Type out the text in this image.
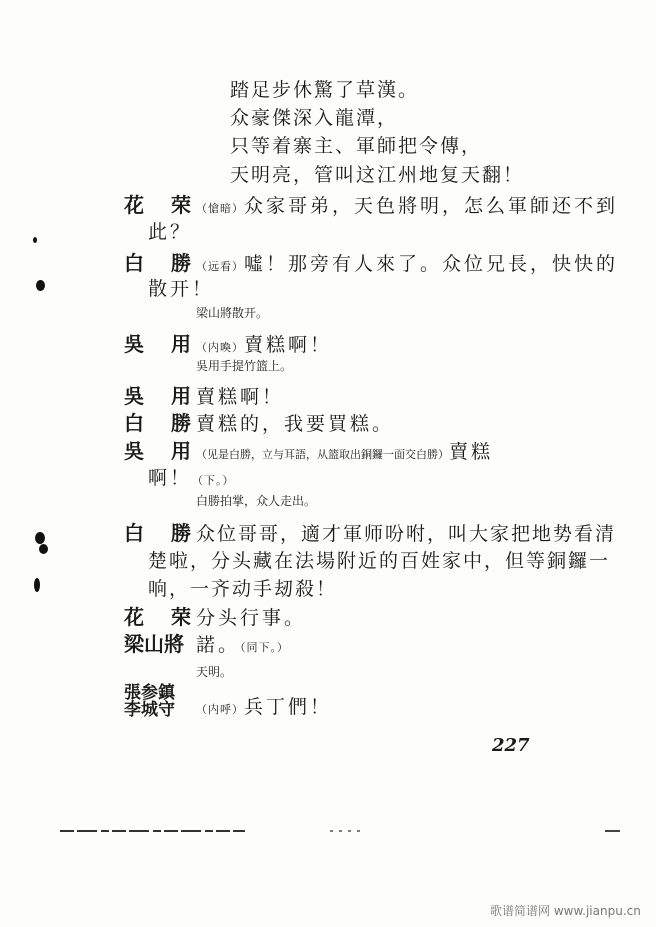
踏足步休驚了草漢。
众豪傑深入龍潭，
只等着寨主、軍師把令傳，
天明亮，管叫这江州地复天翻！
花 荣
（愴暗）众家哥弟，天色將明，怎么軍師还不到
此？
白 勝
（远看）噓！那旁有人來了。众位兄長，快快的
散开！
梁山將散开。
吳 用
（内喚）賣糕啊！
吳用手提竹篮上。
吳 用
賣糕啊！
白 勝
賣糕的，我要買糕。
吳 用
（见是白勝，立与耳語，从篮取出銅鑼一面交白勝）賣糕
啊！（下。）
白勝拍掌，众人走出。
白 勝
众位哥哥，適才軍师吩咐，叫大家把地势看清
楚啦，分头藏在法場附近的百姓家中，但等銅鑼一
响，一齐动手刼殺！
花 荣
分头行事。
梁山將 諾。（同下。）
天明。
張参鎮
李城守 （内呼）兵丁們！
227
歌谱简谱网 www.jianpu.cn
